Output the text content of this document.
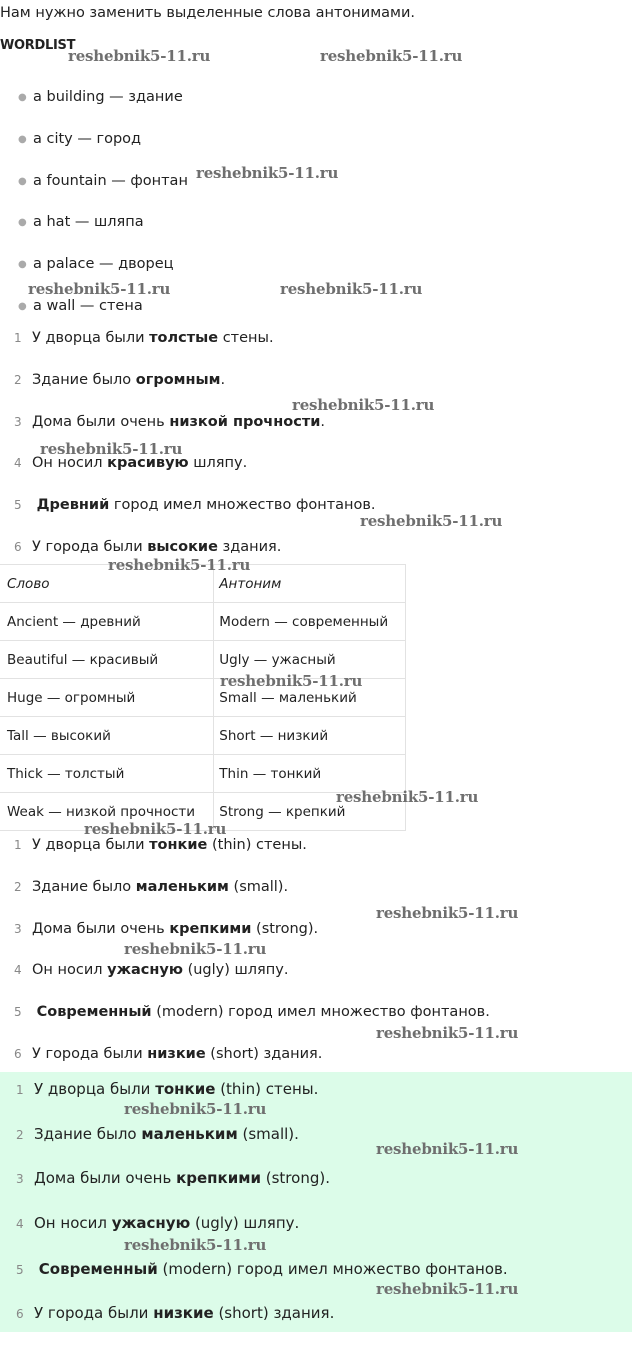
Нам нужно заменить выделенные слова антонимами.
WORDLIST
● a building — здание
● a city — город
● a fountain — фонтан
● a hat — шляпа
● a palace — дворец
● a wall — стена
1 У дворца были толстые стены.
2 Здание было огромным.
3 Дома были очень низкой прочности.
4 Он носил красивую шляпу.
5 Древний город имел множество фонтанов.
6 У города были высокие здания.
Слово	Антоним
Ancient — древний	Modern — современный
Beautiful — красивый	Ugly — ужасный
Huge — огромный	Small — маленький
Tall — высокий	Short — низкий
Thick — толстый	Thin — тонкий
Weak — низкой прочности	Strong — крепкий
1 У дворца были тонкие (thin) стены.
2 Здание было маленьким (small).
3 Дома были очень крепкими (strong).
4 Он носил ужасную (ugly) шляпу.
5 Современный (modern) город имел множество фонтанов.
6 У города были низкие (short) здания.
1 У дворца были тонкие (thin) стены.
2 Здание было маленьким (small).
3 Дома были очень крепкими (strong).
4 Он носил ужасную (ugly) шляпу.
5 Современный (modern) город имел множество фонтанов.
6 У города были низкие (short) здания.
reshebnik5-11.ru	reshebnik5-11.ru
reshebnik5-11.ru
reshebnik5-11.ru	reshebnik5-11.ru
reshebnik5-11.ru
reshebnik5-11.ru
reshebnik5-11.ru
reshebnik5-11.ru
reshebnik5-11.ru
reshebnik5-11.ru
reshebnik5-11.ru
reshebnik5-11.ru
reshebnik5-11.ru
reshebnik5-11.ru
reshebnik5-11.ru
reshebnik5-11.ru
reshebnik5-11.ru
reshebnik5-11.ru
